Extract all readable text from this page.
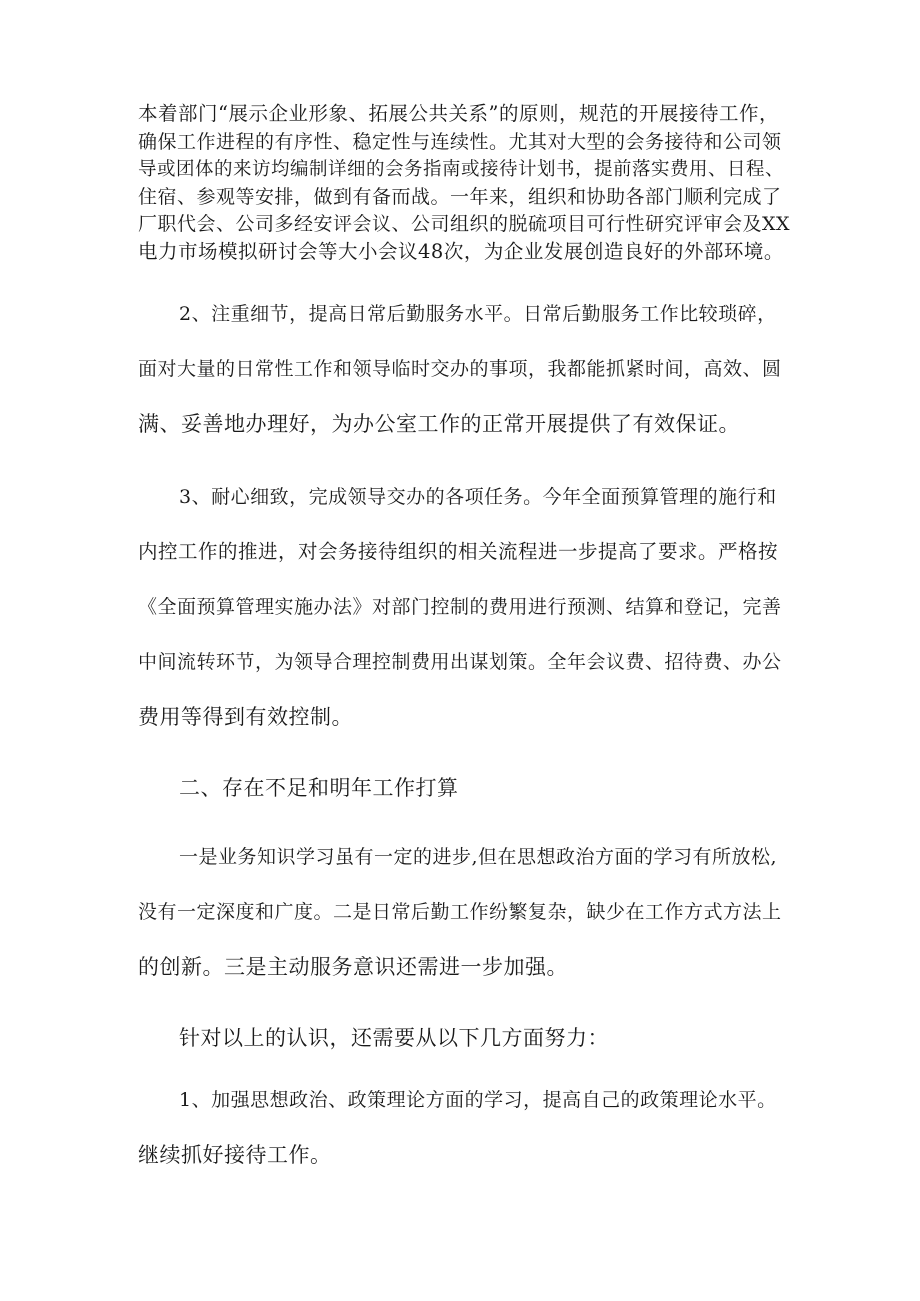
本着部门“展示企业形象、拓展公共关系”的原则，规范的开展接待工作，
确保工作进程的有序性、稳定性与连续性。尤其对大型的会务接待和公司领
导或团体的来访均编制详细的会务指南或接待计划书，提前落实费用、日程、
住宿、参观等安排，做到有备而战。一年来，组织和协助各部门顺利完成了
厂职代会、公司多经安评会议、公司组织的脱硫项目可行性研究评审会及XX
电力市场模拟研讨会等大小会议48次，为企业发展创造良好的外部环境。
2、注重细节，提高日常后勤服务水平。日常后勤服务工作比较琐碎，
面对大量的日常性工作和领导临时交办的事项，我都能抓紧时间，高效、圆
满、妥善地办理好，为办公室工作的正常开展提供了有效保证。
3、耐心细致，完成领导交办的各项任务。今年全面预算管理的施行和
内控工作的推进，对会务接待组织的相关流程进一步提高了要求。严格按
《全面预算管理实施办法》对部门控制的费用进行预测、结算和登记，完善
中间流转环节，为领导合理控制费用出谋划策。全年会议费、招待费、办公
费用等得到有效控制。
二、存在不足和明年工作打算
一是业务知识学习虽有一定的进步,但在思想政治方面的学习有所放松,
没有一定深度和广度。二是日常后勤工作纷繁复杂，缺少在工作方式方法上
的创新。三是主动服务意识还需进一步加强。
针对以上的认识，还需要从以下几方面努力：
1、加强思想政治、政策理论方面的学习，提高自己的政策理论水平。
继续抓好接待工作。
